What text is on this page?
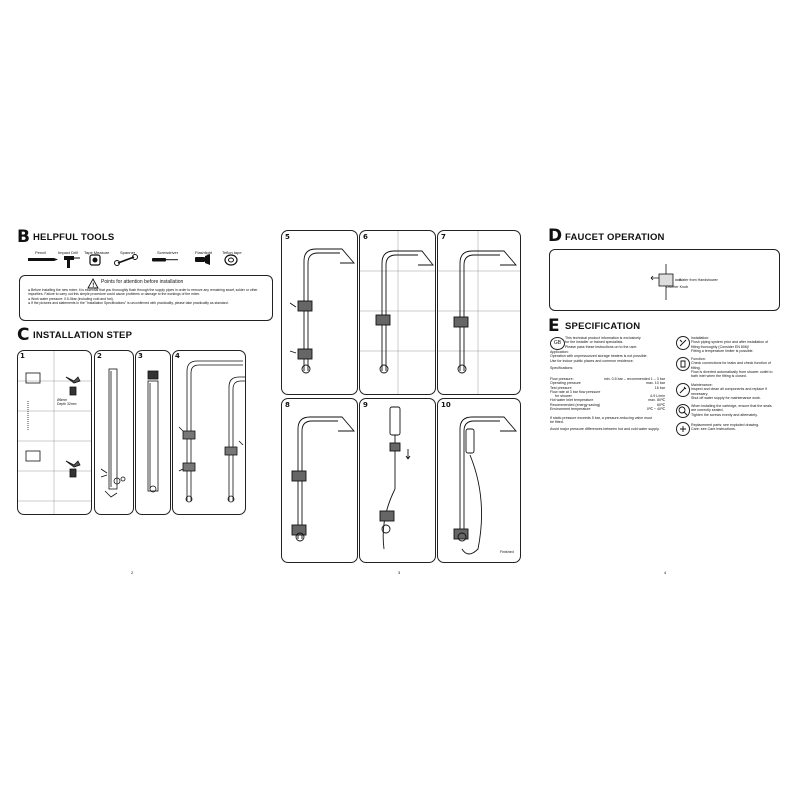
B HELPFUL TOOLS
Pencil	Impact Drill Tape Measure	Spanner	Screwdriver	Flashlight Teflon tape
!
Points for attention before installation
● Before installing the new mixer, it is essential that you thoroughly flush through the supply pipes in order to remove any remaining swarf, solder or other impurities. Failure to carry out this simple procedure could cause problems or damage to the workings of the mixer.
● Work water pressure: 0.5-5bar (including cold and hot).
● If the pictures and statements in the "Installation Specifications" is unconfirmed with practicality, please take practicality as standard.
C INSTALLATION STEP
1
Ø6mm
Depth 32mm
2	3	4
2
5	6	7
8	9	10
Finished
3
D FAUCET OPERATION
Water from Handshower
Diverter Knob
E SPECIFICATION
GB
This technical product information is exclusively
for the installer or trained specialists.
Please pass these instructions on to the user.
Application:
Operation with unpressurized storage heaters is not possible.
Use for indoor public places and common residence.
Specifications:
Flow pressure:	min. 0.5 bar – recommended 1 – 3 bar
Operating pressure	max. 10 bar
Test pressure	16 bar
Flow rate at 3 bar flow pressure
for shower	4-9 L/min
Hot water inlet temperature	max. 80℃
Recommended (energy saving)	60℃
Environment temperature	0℃ ~ 40℃
If static pressure exceeds 5 bar, a pressure-reducing valve must
be fitted.
Avoid major pressure differences between hot and cold water supply.
Installation:
Flush piping system prior and after installation of
fitting thoroughly (Consider EN 806)!
Fitting a temperature limiter is possible.
Function:
Check connections for leaks and check function of
fitting.
Flow is diverted automatically from shower outlet to
bath inlet when the fitting is closed.
Maintenance:
Inspect and clean all components and replace if
necessary.
Shut off water supply for maintenance work.
When installing the cartridge, ensure that the seals
are correctly seated.
Tighten the screws evenly and alternately.
Replacement parts: see exploded drawing.
Care: see Care Instructions.
4
